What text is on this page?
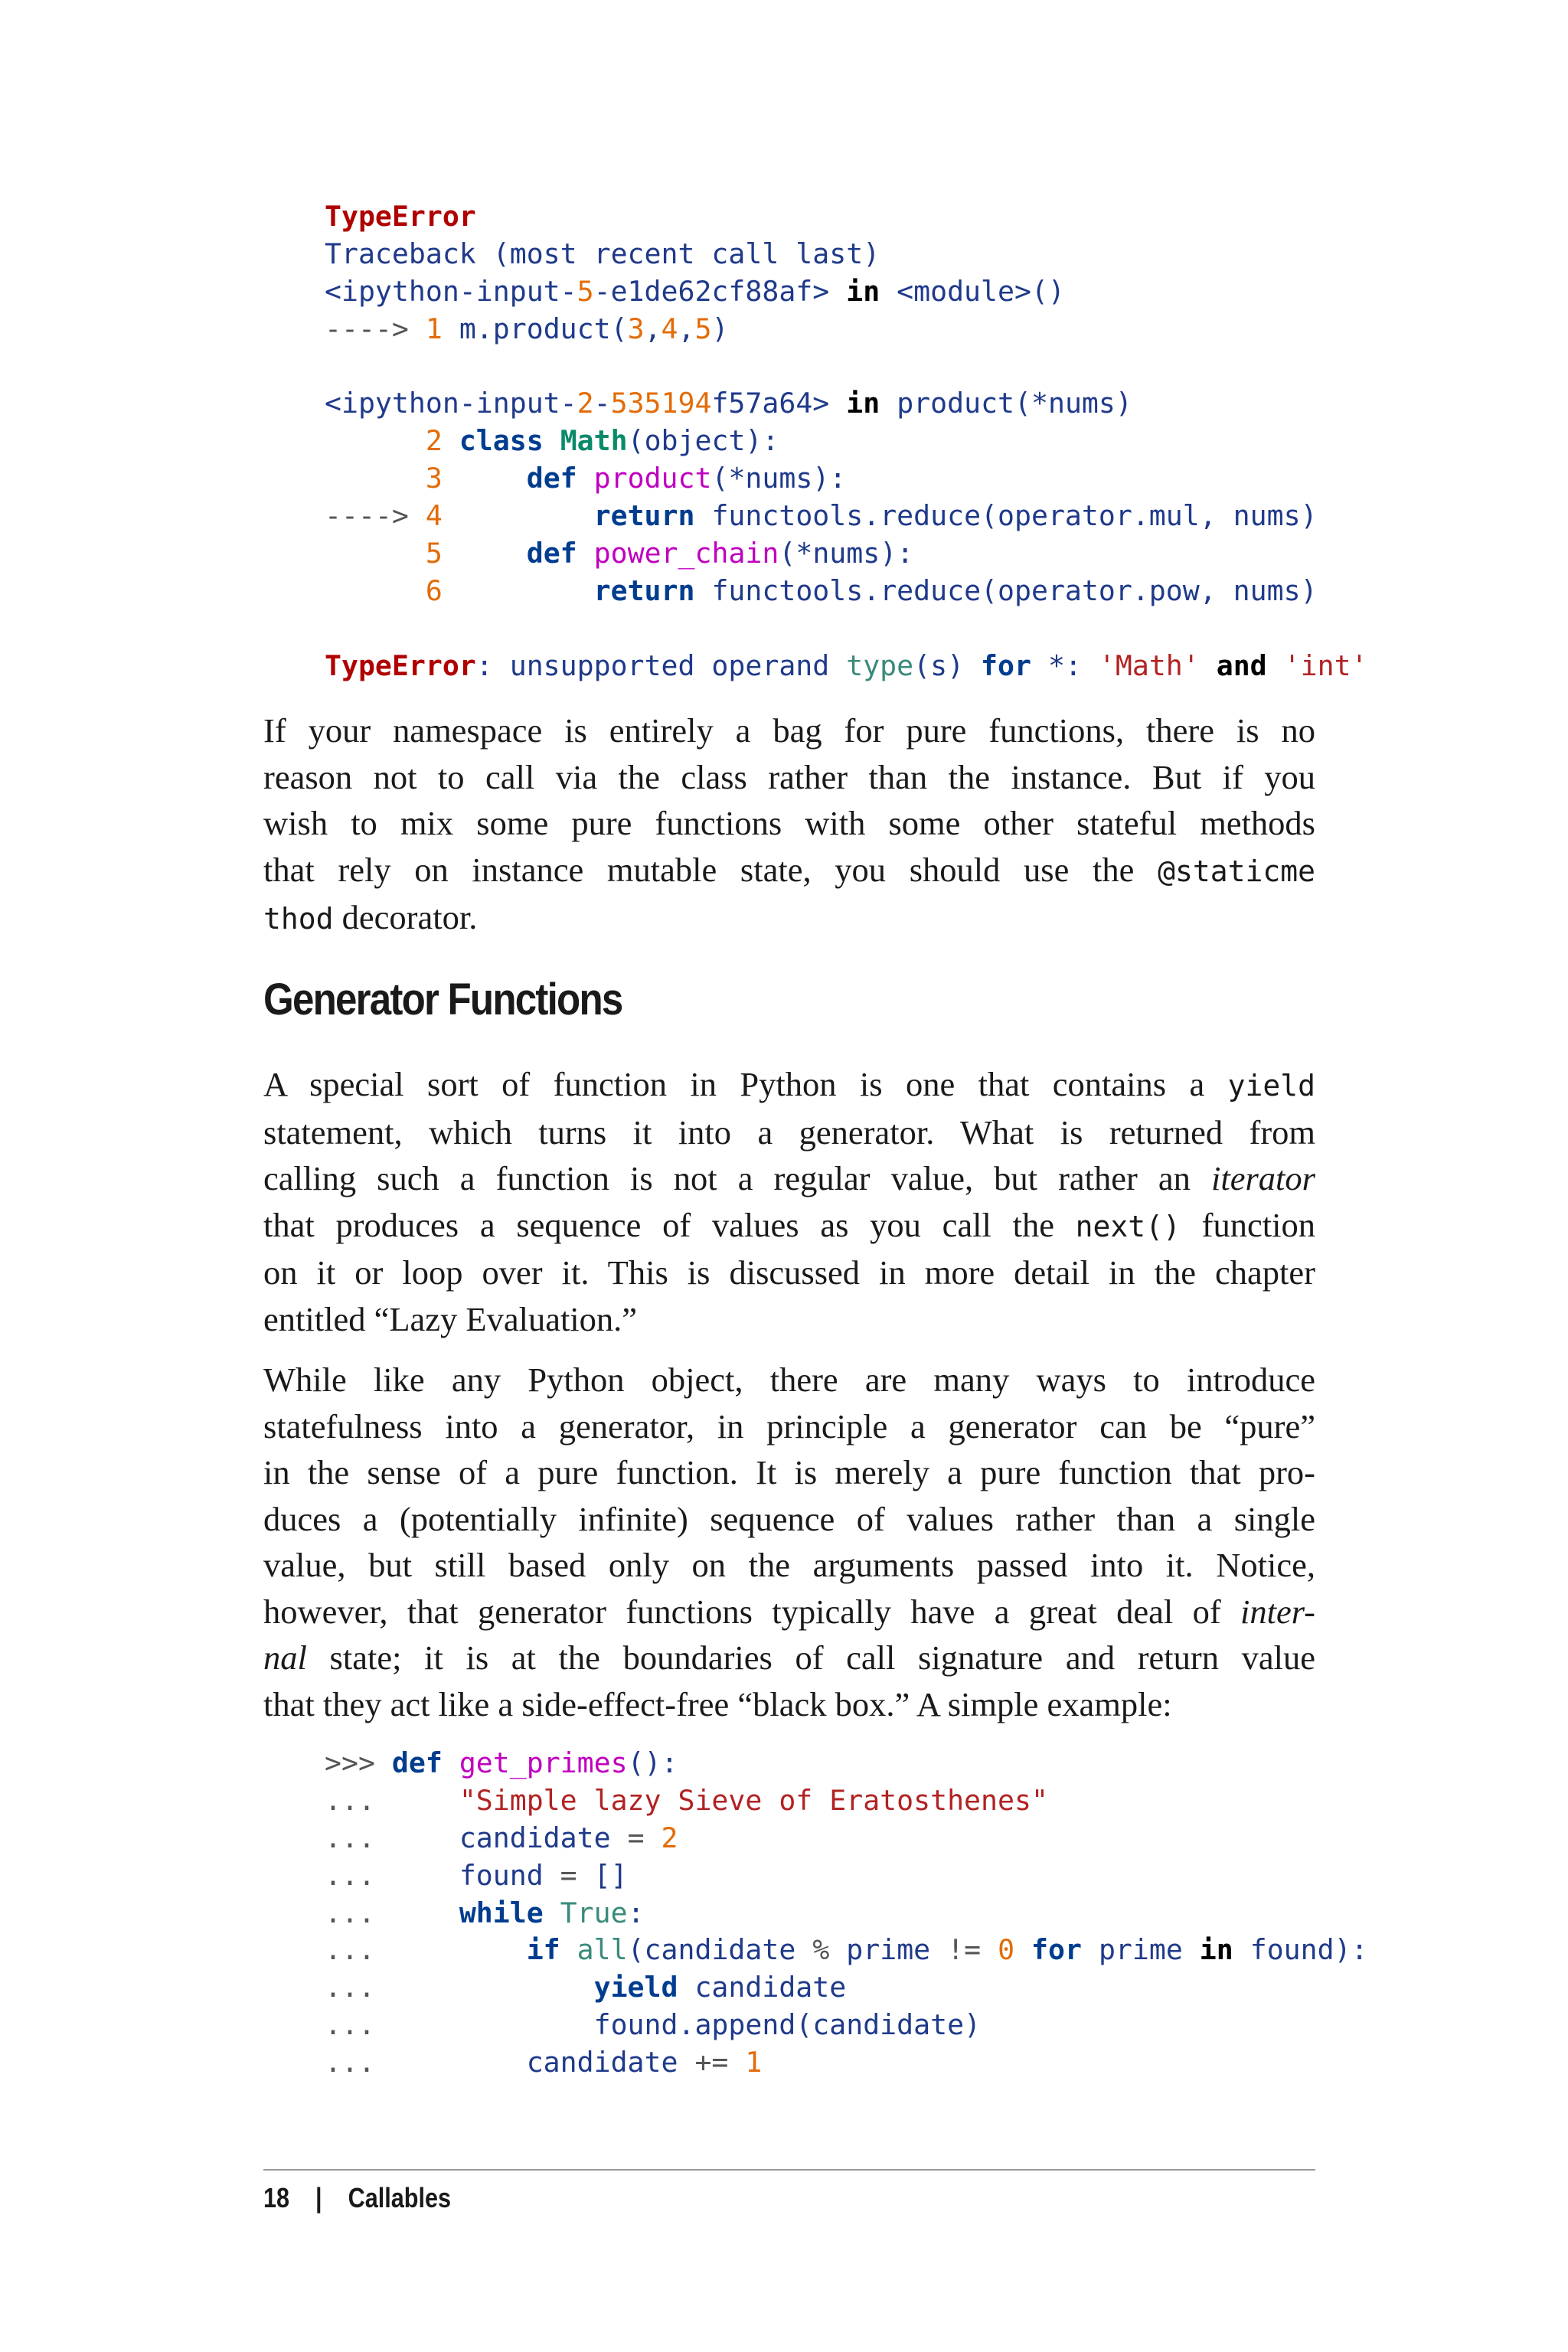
TypeError
Traceback (most recent call last)
<ipython-input-5-e1de62cf88af> in <module>()
----> 1 m.product(3,4,5)
<ipython-input-2-535194f57a64> in product(*nums)
2 class Math(object):
3	def product(*nums):
----> 4	return functools.reduce(operator.mul, nums)
5	def power_chain(*nums):
6	return functools.reduce(operator.pow, nums)
TypeError: unsupported operand type(s) for *: 'Math' and 'int'
If your namespace is entirely a bag for pure functions, there is no
reason not to call via the class rather than the instance. But if you
wish to mix some pure functions with some other stateful methods
that rely on instance mutable state, you should use the @staticme
thod decorator.
Generator Functions
A special sort of function in Python is one that contains a yield
statement, which turns it into a generator. What is returned from
calling such a function is not a regular value, but rather an iterator
that produces a sequence of values as you call the next() function
on it or loop over it. This is discussed in more detail in the chapter
entitled “Lazy Evaluation.”
While like any Python object, there are many ways to introduce
statefulness into a generator, in principle a generator can be “pure”
in the sense of a pure function. It is merely a pure function that pro-
duces a (potentially infinite) sequence of values rather than a single
value, but still based only on the arguments passed into it. Notice,
however, that generator functions typically have a great deal of inter-
nal state; it is at the boundaries of call signature and return value
that they act like a side-effect-free “black box.” A simple example:
>>> def get_primes():
...     "Simple lazy Sieve of Eratosthenes"
...     candidate = 2
...     found = []
...     while True:
...         if all(candidate % prime != 0 for prime in found):
...             yield candidate
...             found.append(candidate)
...         candidate += 1
18 | Callables
